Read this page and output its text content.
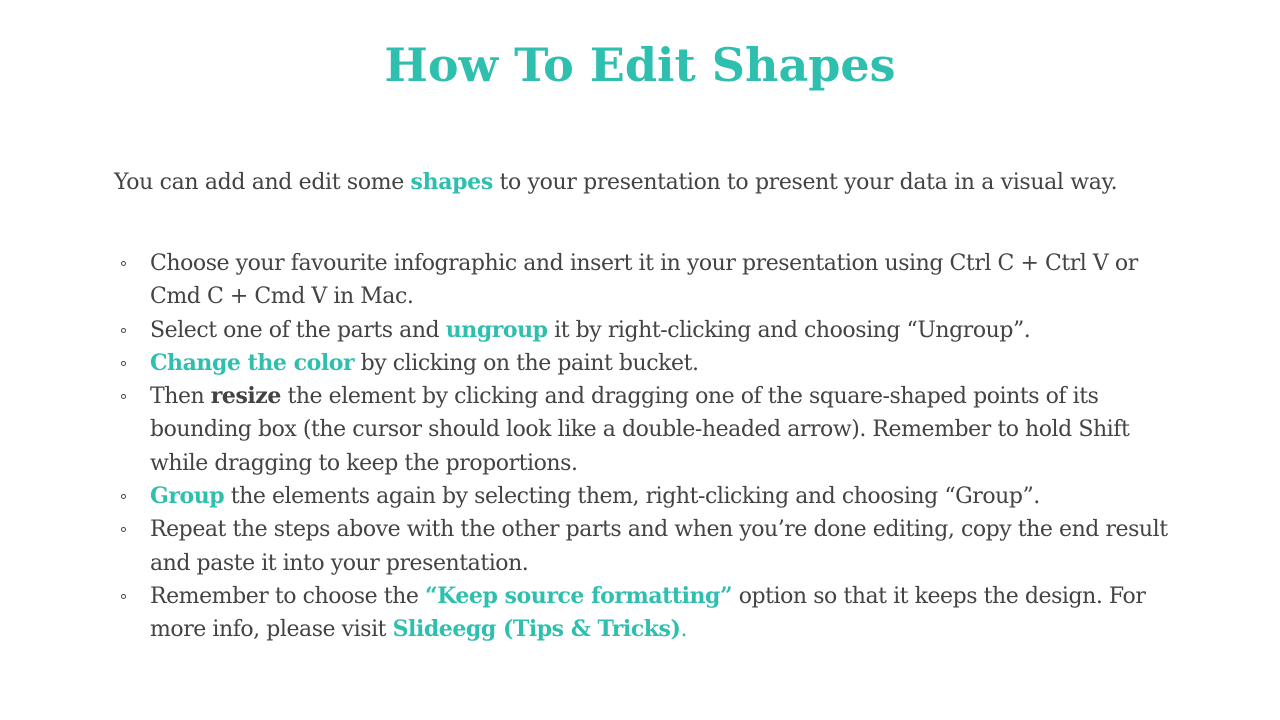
How To Edit Shapes

You can add and edit some shapes to your presentation to present your data in a visual way.

Choose your favourite infographic and insert it in your presentation using Ctrl C + Ctrl V or Cmd C + Cmd V in Mac.
Select one of the parts and ungroup it by right-clicking and choosing “Ungroup”.
Change the color by clicking on the paint bucket.
Then resize the element by clicking and dragging one of the square-shaped points of its bounding box (the cursor should look like a double-headed arrow). Remember to hold Shift while dragging to keep the proportions.
Group the elements again by selecting them, right-clicking and choosing “Group”.
Repeat the steps above with the other parts and when you’re done editing, copy the end result and paste it into your presentation.
Remember to choose the “Keep source formatting” option so that it keeps the design. For more info, please visit Slideegg (Tips & Tricks).
